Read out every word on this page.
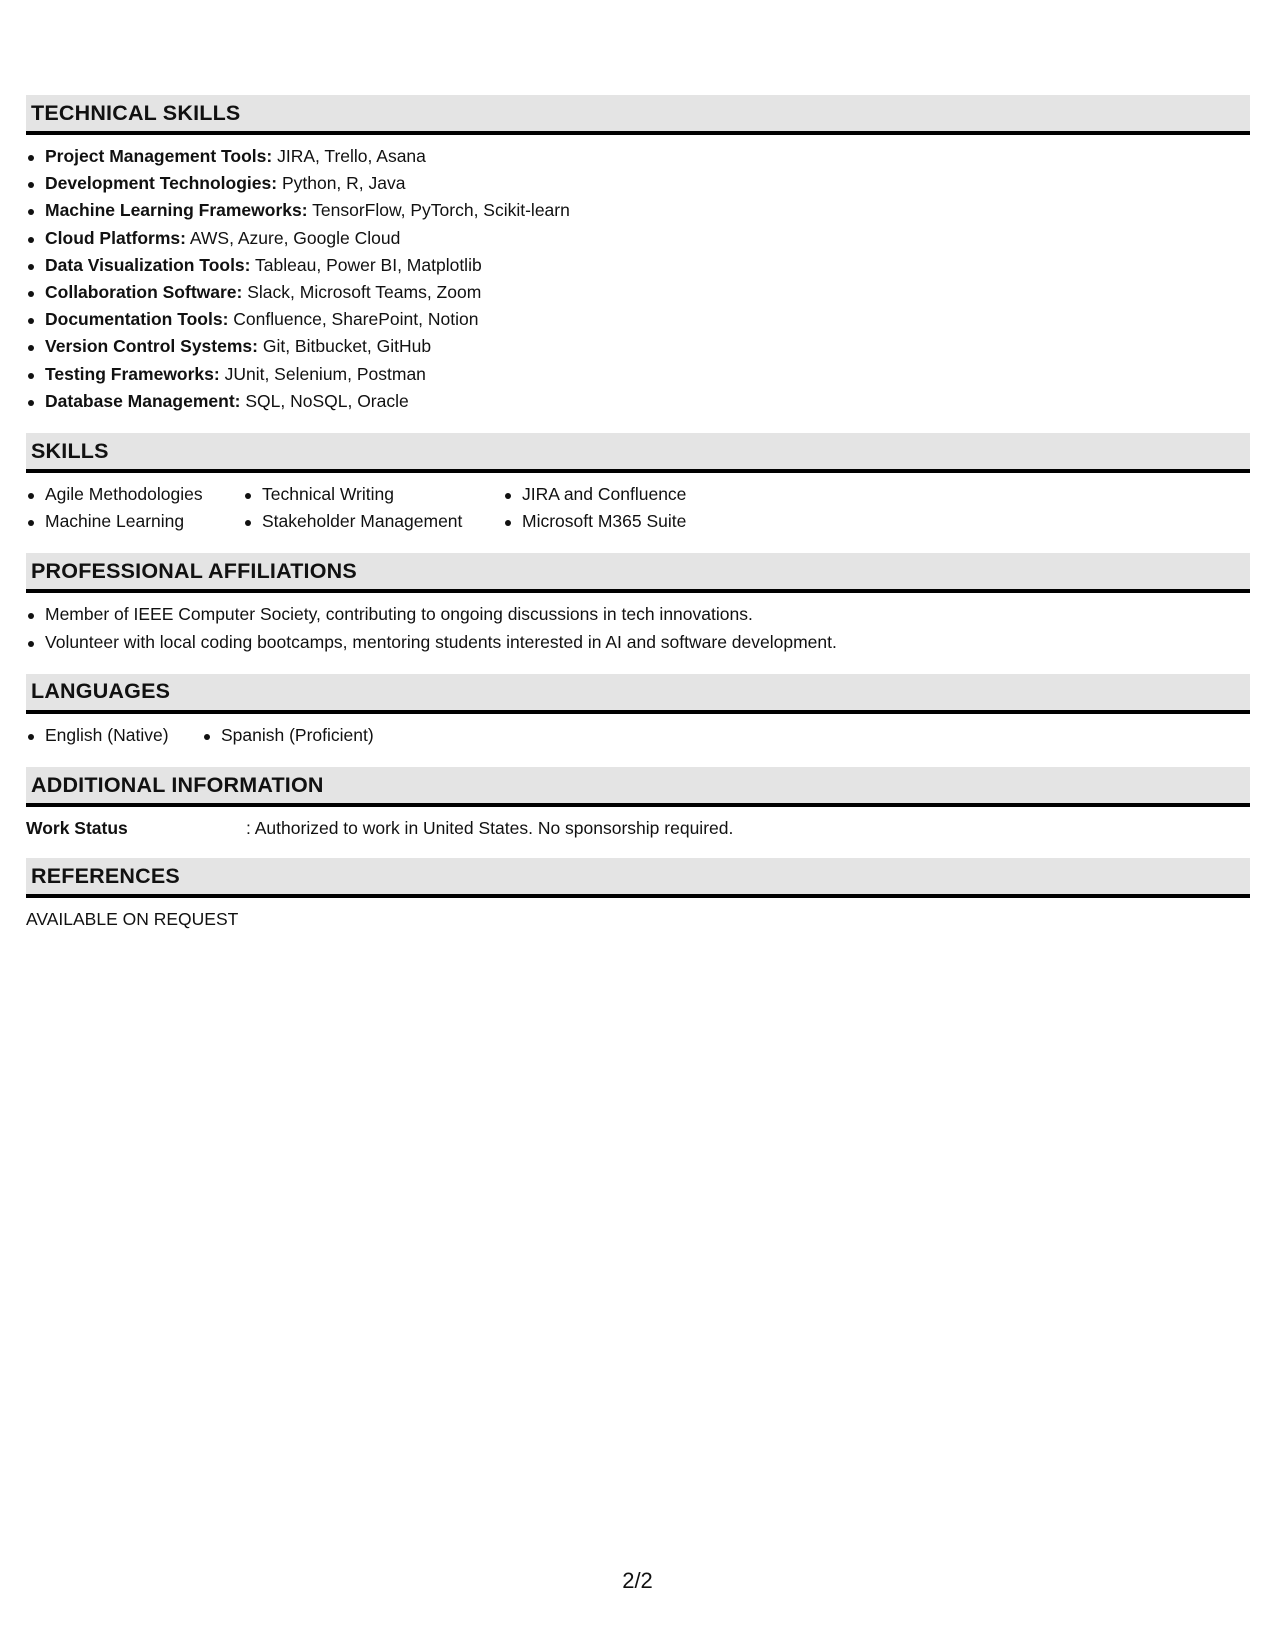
TECHNICAL SKILLS
Project Management Tools: JIRA, Trello, Asana
Development Technologies: Python, R, Java
Machine Learning Frameworks: TensorFlow, PyTorch, Scikit-learn
Cloud Platforms: AWS, Azure, Google Cloud
Data Visualization Tools: Tableau, Power BI, Matplotlib
Collaboration Software: Slack, Microsoft Teams, Zoom
Documentation Tools: Confluence, SharePoint, Notion
Version Control Systems: Git, Bitbucket, GitHub
Testing Frameworks: JUnit, Selenium, Postman
Database Management: SQL, NoSQL, Oracle
SKILLS
Agile Methodologies
Machine Learning
Technical Writing
Stakeholder Management
JIRA and Confluence
Microsoft M365 Suite
PROFESSIONAL AFFILIATIONS
Member of IEEE Computer Society, contributing to ongoing discussions in tech innovations.
Volunteer with local coding bootcamps, mentoring students interested in AI and software development.
LANGUAGES
English (Native)	Spanish (Proficient)
ADDITIONAL INFORMATION
Work Status	: Authorized to work in United States. No sponsorship required.
REFERENCES
AVAILABLE ON REQUEST
2/2
